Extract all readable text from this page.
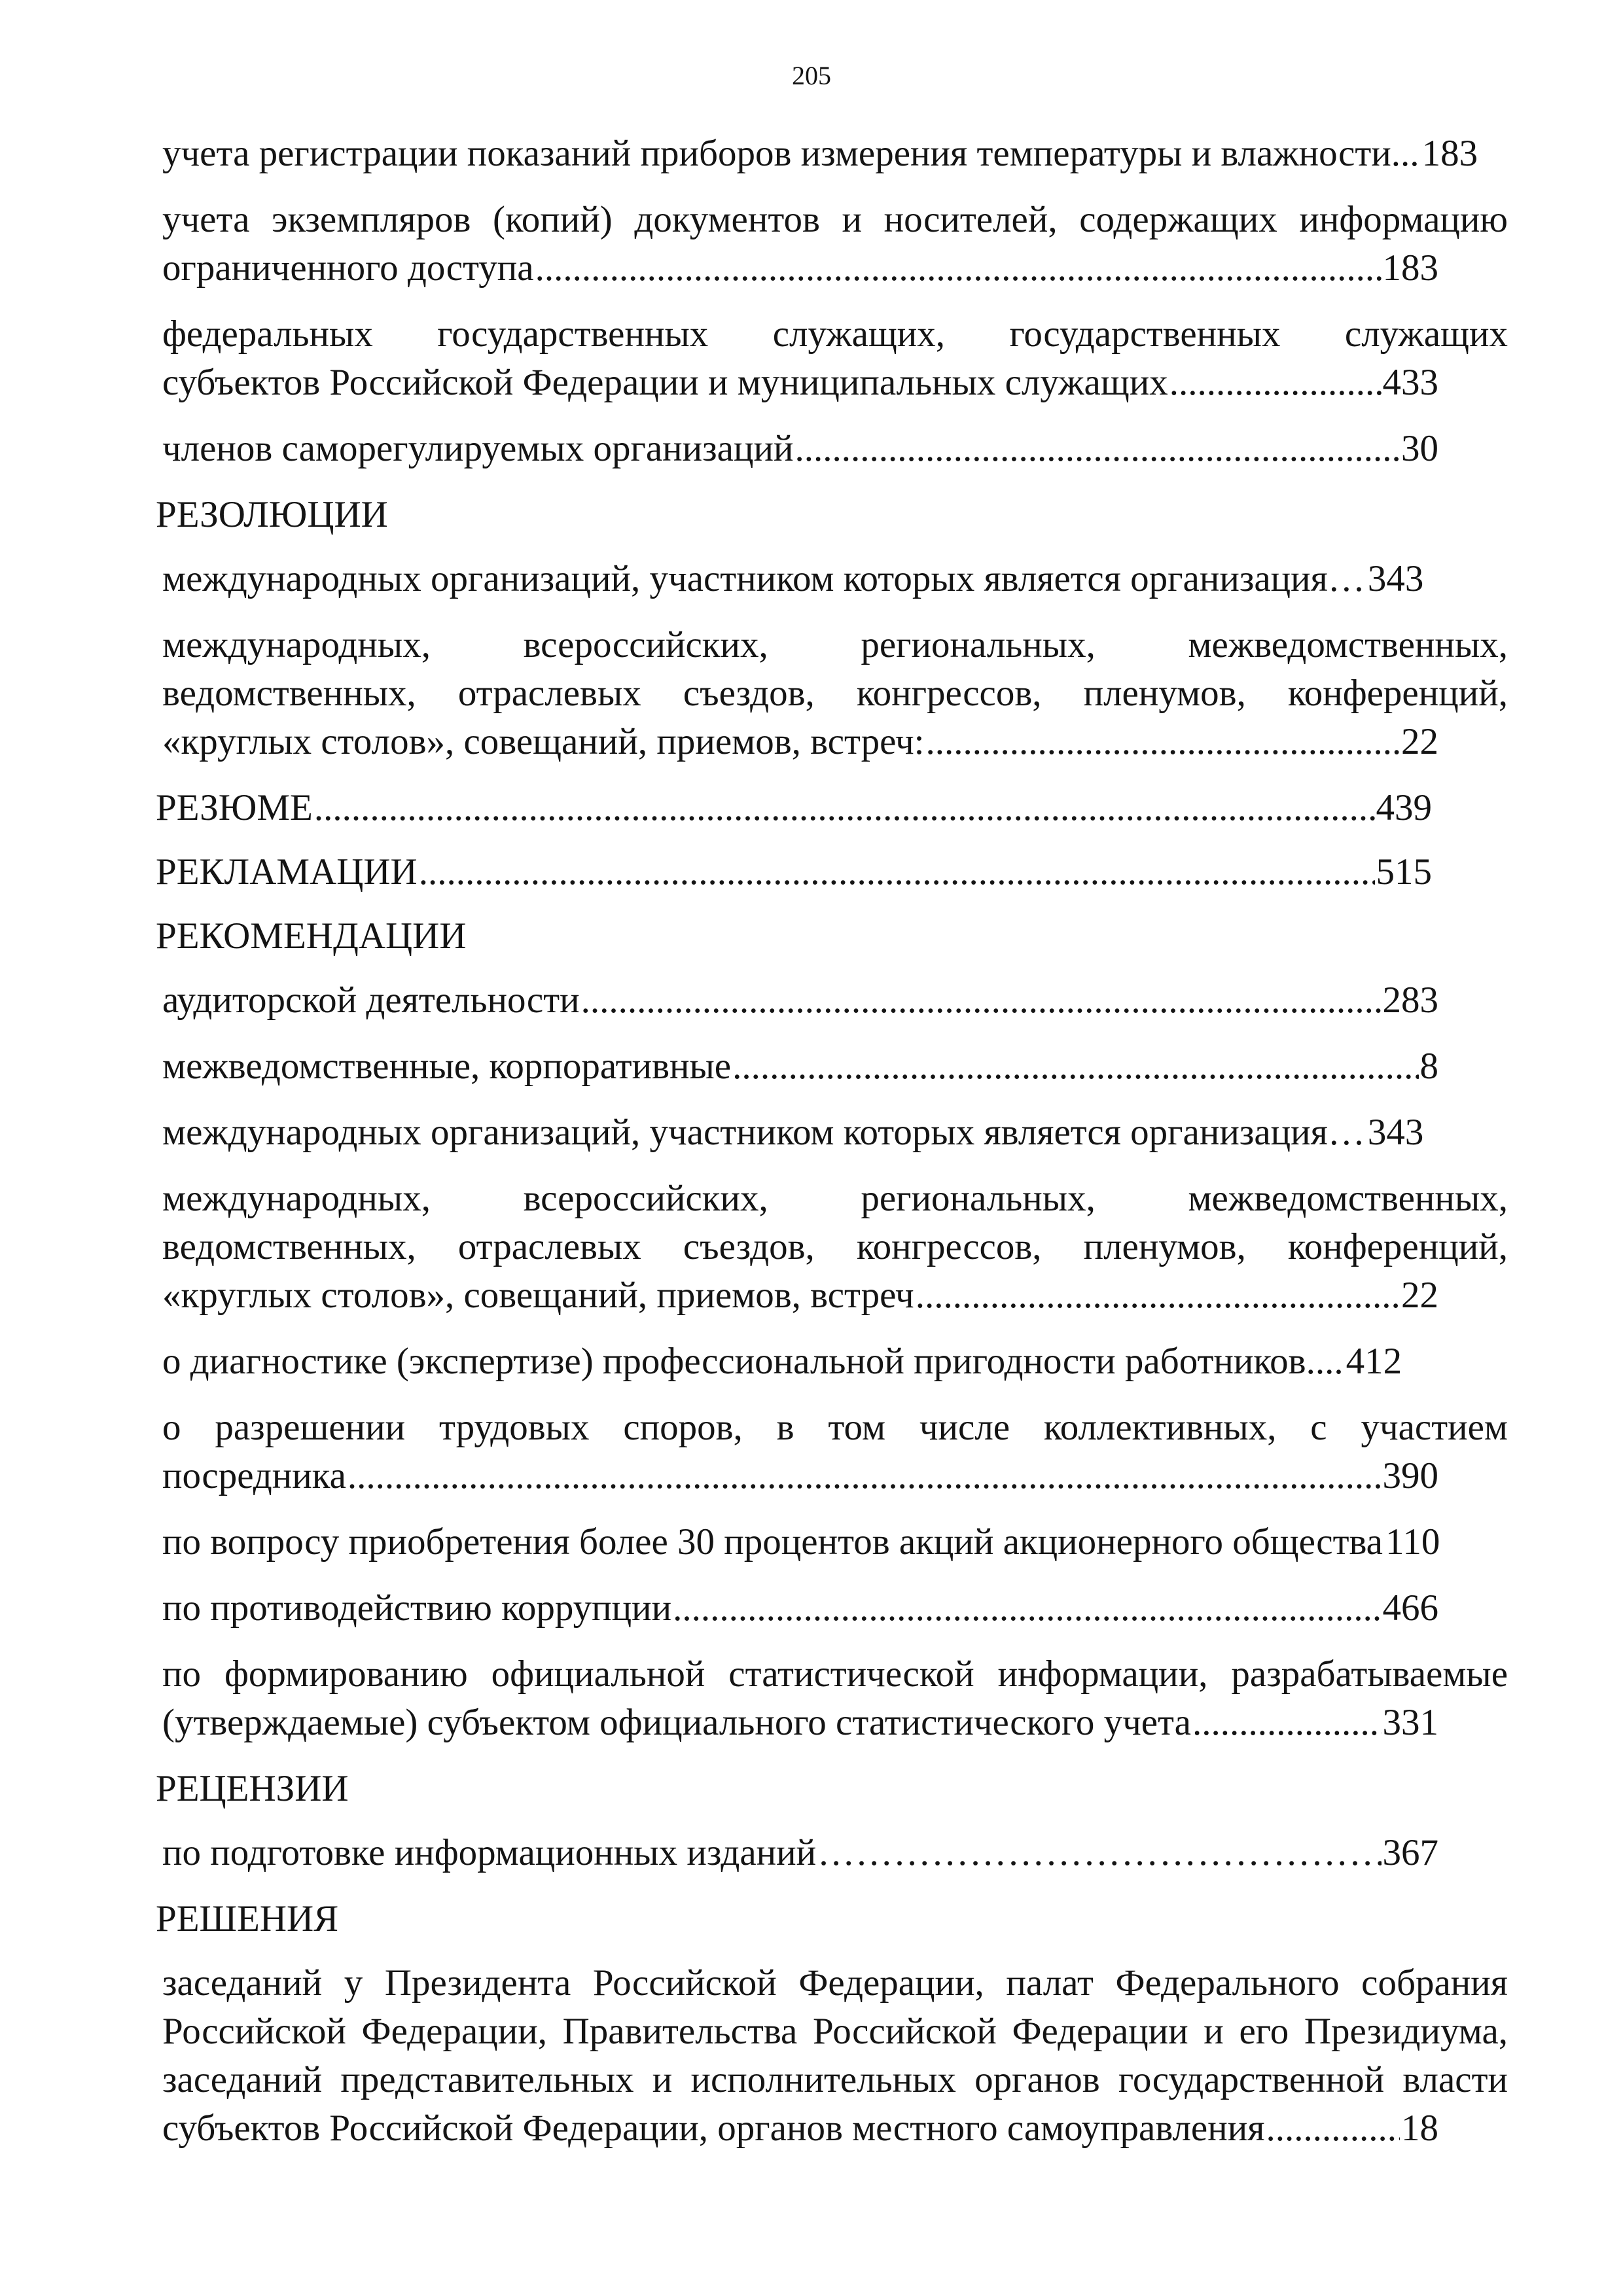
205
учета регистрации показаний приборов измерения температуры и влажности... 183
учета экземпляров (копий) документов и носителей, содержащих информацию
ограниченного доступа .....	183
федеральных государственных служащих, государственных служащих
субъектов Российской Федерации и муниципальных служащих .....	433
членов саморегулируемых организаций .....	30
РЕЗОЛЮЦИИ
международных организаций, участником которых является организация… 343
международных, всероссийских, региональных, межведомственных,
ведомственных, отраслевых съездов, конгрессов, пленумов, конференций,
«круглых столов», совещаний, приемов, встреч: .....	22
РЕЗЮМЕ .....	439
РЕКЛАМАЦИИ .....	515
РЕКОМЕНДАЦИИ
аудиторской деятельности .....	283
межведомственные, корпоративные .....	8
международных организаций, участником которых является организация… 343
международных, всероссийских, региональных, межведомственных,
ведомственных, отраслевых съездов, конгрессов, пленумов, конференций,
«круглых столов», совещаний, приемов, встреч .....	22
о диагностике (экспертизе) профессиональной пригодности работников.... 412
о разрешении трудовых споров, в том числе коллективных, с участием
посредника .....	390
по вопросу приобретения более 30 процентов акций акционерного общества 110
по противодействию коррупции .....	466
по формированию официальной статистической информации, разрабатываемые
(утверждаемые) субъектом официального статистического учета .....	331
РЕЦЕНЗИИ
по подготовке информационных изданий …………………………………………………………………………………………………………………………………………………………………………………………………………………………………………………………	367
РЕШЕНИЯ
заседаний у Президента Российской Федерации, палат Федерального собрания
Российской Федерации, Правительства Российской Федерации и его Президиума,
заседаний представительных и исполнительных органов государственной власти
субъектов Российской Федерации, органов местного самоуправления .....	18
